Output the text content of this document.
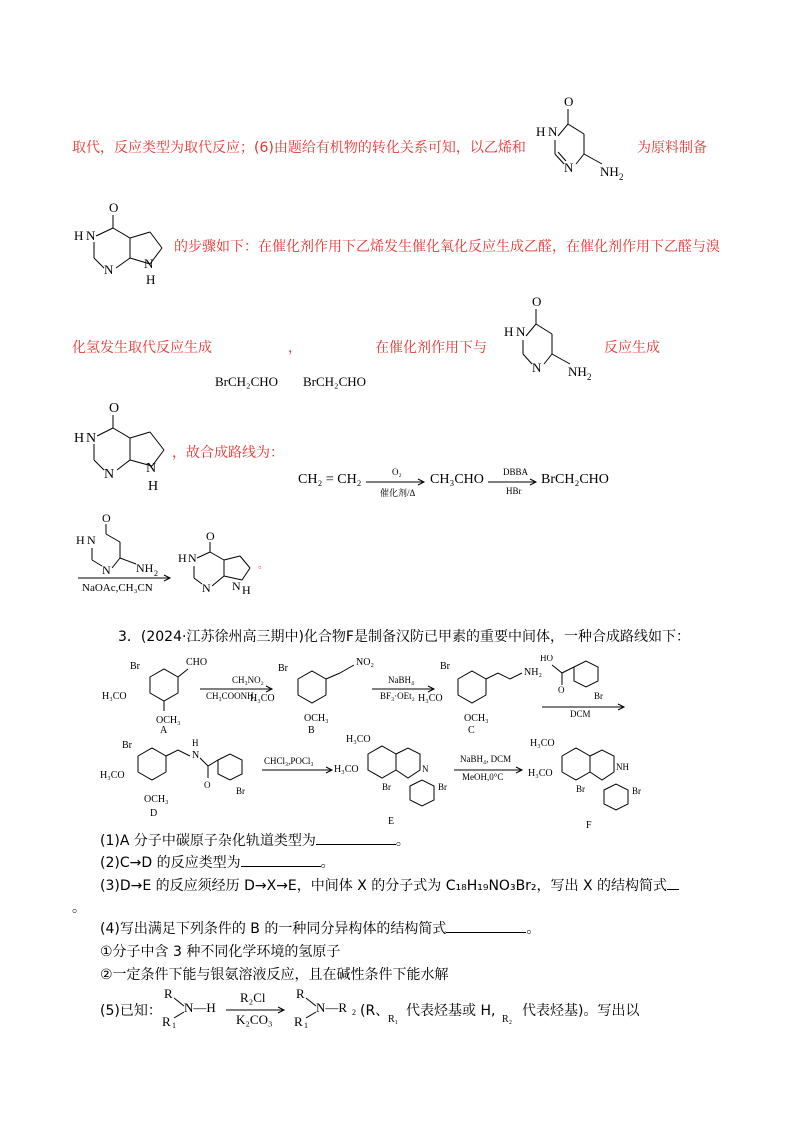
取代，反应类型为取代反应；(6)由题给有机物的转化关系可知，以乙烯和
O
H N
N NH 2
为原料制备
O
H N
N N
H
的步骤如下：在催化剂作用下乙烯发生催化氧化反应生成乙醛，在催化剂作用下乙醛与溴
化氢发生取代反应生成	，	在催化剂作用下与
O
H N
N NH 2
反应生成
BrCH₂CHO BrCH₂CHO
O
H N
N N
H
，故合成路线为：
CH₂ = CH₂	O₂
催化剂/Δ
CH₃CHO DBBA
HBr
BrCH₂CHO
O
H N
N NH 2
NaOAc,CH₃CN
O
H N
N N H
。
3．(2024·江苏徐州高三期中)化合物F是制备汉防已甲素的重要中间体，一种合成路线如下：
Br	CHO
H₃CO
OCH₃
A
Br
NO₂
H₃CO
OCH₃
B
Br
NH₂
H₃CO
OCH₃
C
HO
O
Br
CH₃NO₂
CH₃COONH₄
NaBH₄
BF₃·OEt₂
DCM
Br	H
N
O
Br
H₃CO
OCH₃
D
H₃CO
H₃CO	N
Br	Br
E
H₃CO
H₃CO
NH
Br	Br
F
CHCl₃,POCl₃	NaBH₄, DCM
MeOH,0°C
(1)A 分子中碳原子杂化轨道类型为	。
(2)C→D 的反应类型为	。
(3)D→E 的反应须经历 D→X→E，中间体 X 的分子式为 C₁₈H₁₉NO₃Br₂，写出 X 的结构简式
。
(4)写出满足下列条件的 B 的一种同分异构体的结构简式	。
①分子中含 3 种不同化学环境的氢原子
②一定条件下能与银氨溶液反应，且在碱性条件下能水解
(5)已知：
R
N—H
R 1
R₂Cl
K₂CO₃
R
N—R 2
R 1
(R、
R₁
代表烃基或 H,
R₂
代表烃基)。写出以
